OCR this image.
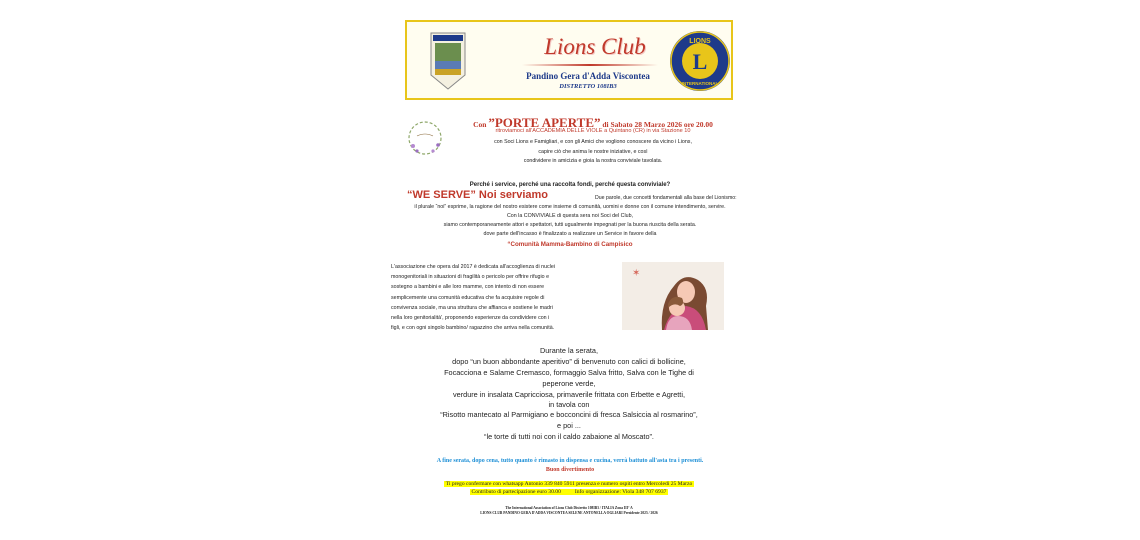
Lions Club
Pandino Gera d'Adda Viscontea
DISTRETTO 108IB3
LIONS
INTERNATIONAL
L
Con ”PORTE APERTE” di Sabato 28 Marzo 2026 ore 20.00
ritroviamoci all'ACCADEMIA DELLE VIOLE a Quintano (CR) in via Stazione 10
con Soci Lions e Famigliari, e con gli Amici che vogliono conoscere da vicino i Lions,
capire ciò che anima le nostre iniziative, e così
condividere in amicizia e gioia la nostra conviviale tavolata.
Perché i service, perché una raccolta fondi, perché questa conviviale?
“WE SERVE” Noi serviamo	Due parole, due concetti fondamentali alla base del Lionismo:
il plurale “noi” esprime, la ragione del nostro esistere come insieme di comunità, uomini e donne con il comune intendimento, servire.
Con la CONVIVIALE di questa sera noi Soci del Club,
siamo contemporaneamente attori e spettatori, tutti ugualmente impegnati per la buona riuscita della serata.
dove parte dell'incasso è finalizzato a realizzare un Service in favore della
“Comunità Mamma-Bambino di Campisico
L'associazione che opera dal 2017 è dedicata all'accoglienza di nuclei
monogenitoriali in situazioni di fragilità o pericolo per offrire rifugio e
sostegno a bambini e alle loro mamme, con intento di non essere
semplicemente una comunità educativa che fa acquisire regole di
convivenza sociale, ma una struttura che affianca e sostiene le madri
nella loro genitorialità', proponendo esperienze da condividere con i
figli, e con ogni singolo bambino/ ragazzino che arriva nella comunità.
✶
Durante la serata,
dopo “un buon abbondante aperitivo” di benvenuto con calici di bollicine,
Focacciona e Salame Cremasco, formaggio Salva fritto, Salva con le Tighe di
peperone verde,
verdure in insalata Capricciosa, primaverile frittata con Erbette e Agretti,
in tavola con
“Risotto mantecato al Parmigiano e bocconcini di fresca Salsiccia al rosmarino”,
e poi ...
“le torte di tutti noi con il caldo zabaione al Moscato”.
A fine serata, dopo cena, tutto quanto è rimasto in dispensa e cucina, verrà battuto all'asta tra i presenti.
Buon divertimento
Ti prego confermare con whatsapp Antonio 339 840 5911 presenza e numero ospiti entro Mercoledì 25 Marzo
Contributo di partecipazione euro 30.00          Info organizzazione: Viola 348 707 6937
The International Association of Lions Club Distretto 108IB3 / ITALIA Zona III° A
LIONS CLUB PANDINO GERA D'ADDA VISCONTEA SELENE ANTONELLA OGLIARI Presidente 2025 / 2026
